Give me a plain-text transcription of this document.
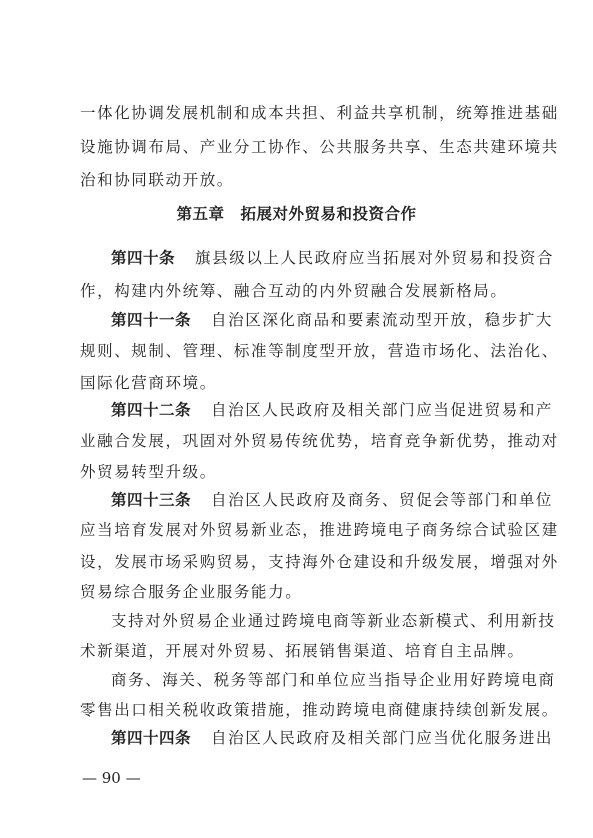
一体化协调发展机制和成本共担、利益共享机制，统筹推进基础
设施协调布局、产业分工协作、公共服务共享、生态共建环境共
治和协同联动开放。
第五章 拓展对外贸易和投资合作
第四十条 旗县级以上人民政府应当拓展对外贸易和投资合
作，构建内外统筹、融合互动的内外贸融合发展新格局。
第四十一条 自治区深化商品和要素流动型开放，稳步扩大
规则、规制、管理、标准等制度型开放，营造市场化、法治化、
国际化营商环境。
第四十二条 自治区人民政府及相关部门应当促进贸易和产
业融合发展，巩固对外贸易传统优势，培育竞争新优势，推动对
外贸易转型升级。
第四十三条 自治区人民政府及商务、贸促会等部门和单位
应当培育发展对外贸易新业态，推进跨境电子商务综合试验区建
设，发展市场采购贸易，支持海外仓建设和升级发展，增强对外
贸易综合服务企业服务能力。
支持对外贸易企业通过跨境电商等新业态新模式、利用新技
术新渠道，开展对外贸易、拓展销售渠道、培育自主品牌。
商务、海关、税务等部门和单位应当指导企业用好跨境电商
零售出口相关税收政策措施，推动跨境电商健康持续创新发展。
第四十四条 自治区人民政府及相关部门应当优化服务进出
— 90 —
